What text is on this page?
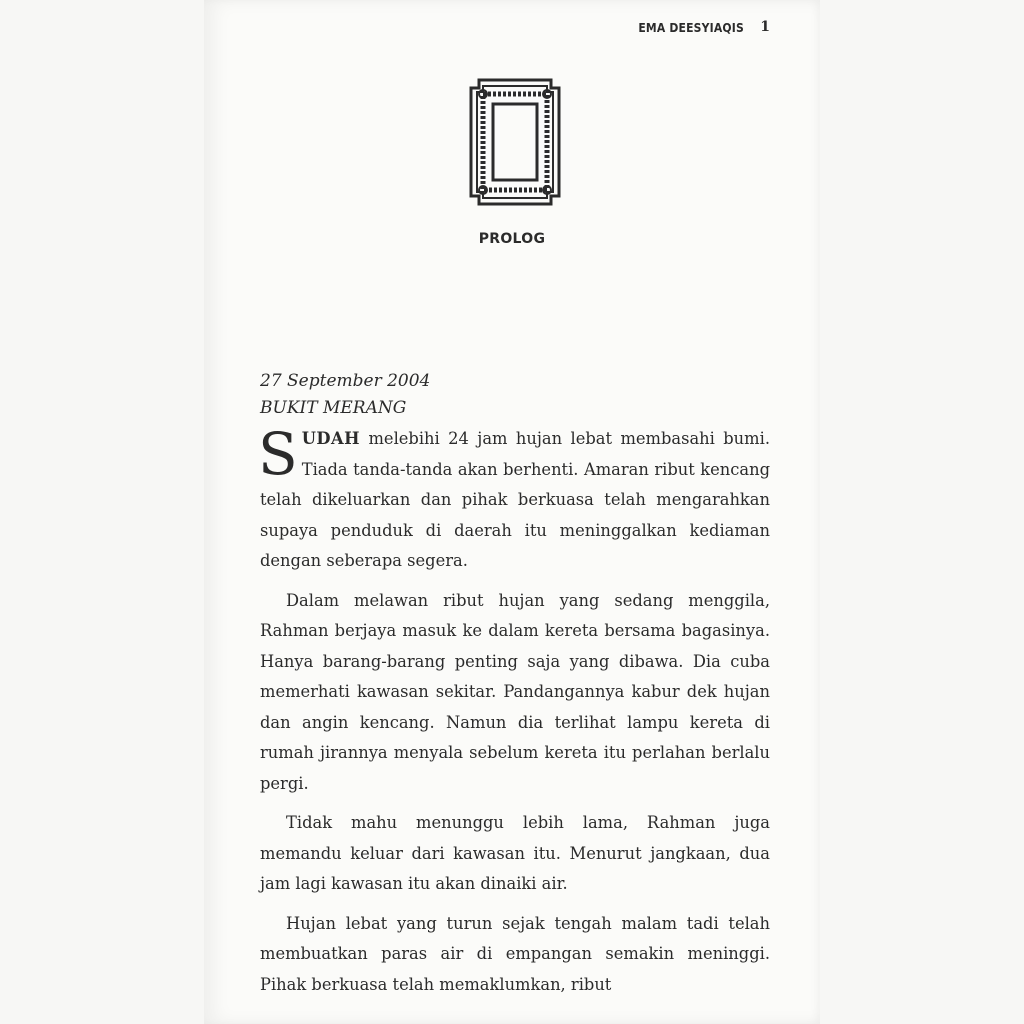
EMA DEESYIAQIS 1
PROLOG
27 September 2004
BUKIT MERANG

SUDAH melebihi 24 jam hujan lebat membasahi bumi. Tiada tanda-tanda akan berhenti. Amaran ribut kencang telah dikeluarkan dan pihak berkuasa telah mengarahkan supaya penduduk di daerah itu meninggalkan kediaman dengan seberapa segera.

Dalam melawan ribut hujan yang sedang menggila, Rahman berjaya masuk ke dalam kereta bersama bagasinya. Hanya barang-barang penting saja yang dibawa. Dia cuba memerhati kawasan sekitar. Pandangannya kabur dek hujan dan angin kencang. Namun dia terlihat lampu kereta di rumah jirannya menyala sebelum kereta itu perlahan berlalu pergi.

Tidak mahu menunggu lebih lama, Rahman juga memandu keluar dari kawasan itu. Menurut jangkaan, dua jam lagi kawasan itu akan dinaiki air.

Hujan lebat yang turun sejak tengah malam tadi telah membuatkan paras air di empangan semakin meninggi. Pihak berkuasa telah memaklumkan, ribut
